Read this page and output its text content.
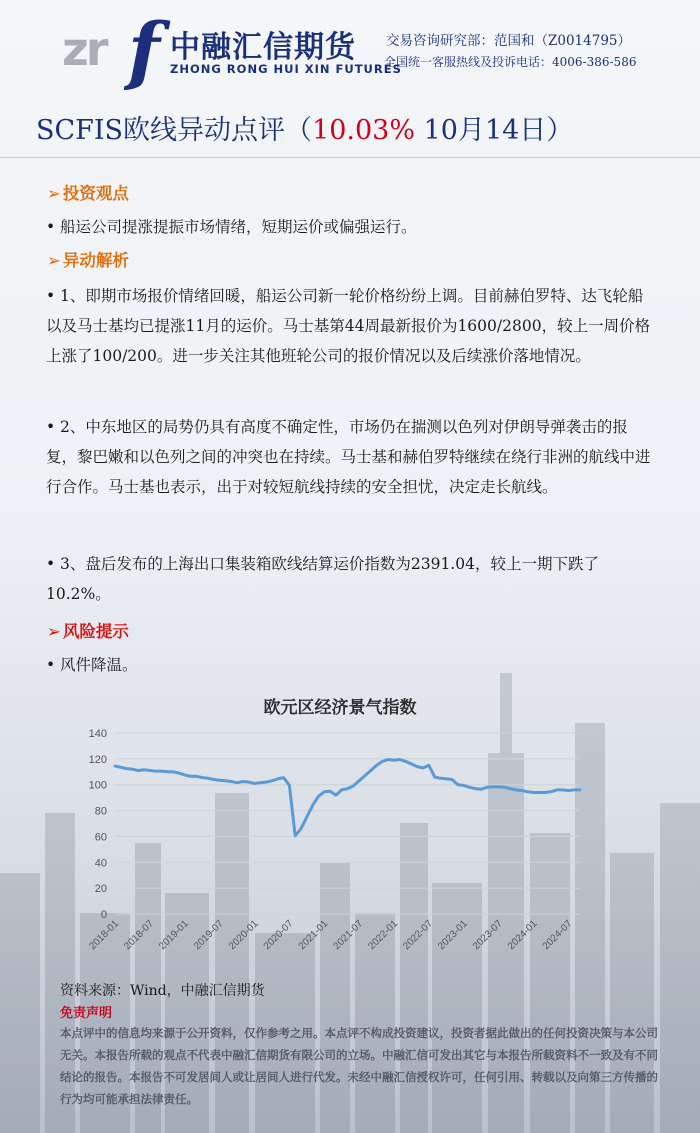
zr f 中融汇信期货
ZHONG RONG HUI XIN FUTURES
交易咨询研究部：范国和（Z0014795）
全国统一客服热线及投诉电话：4006-386-586
SCFIS欧线异动点评（10.03% 10月14日）
➢ 投资观点
• 船运公司提涨提振市场情绪，短期运价或偏强运行。
➢ 异动解析
• 1、即期市场报价情绪回暖，船运公司新一轮价格纷纷上调。目前赫伯罗特、达飞轮船以及马士基均已提涨11月的运价。马士基第44周最新报价为1600/2800，较上一周价格上涨了100/200。进一步关注其他班轮公司的报价情况以及后续涨价落地情况。
• 2、中东地区的局势仍具有高度不确定性，市场仍在揣测以色列对伊朗导弹袭击的报复，黎巴嫩和以色列之间的冲突也在持续。马士基和赫伯罗特继续在绕行非洲的航线中进行合作。马士基也表示，出于对较短航线持续的安全担忧，决定走长航线。
• 3、盘后发布的上海出口集装箱欧线结算运价指数为2391.04，较上一期下跌了10.2%。
➢ 风险提示
• 风件降温。
欧元区经济景气指数
0
20
40
60
80
100
120
140
2018-01 2018-07 2019-01 2019-07 2020-01 2020-07 2021-01 2021-07 2022-01 2022-07 2023-01 2023-07 2024-01 2024-07
资料来源：Wind，中融汇信期货
免责声明
本点评中的信息均来源于公开资料，仅作参考之用。本点评不构成投资建议，投资者据此做出的任何投资决策与本公司无关。本报告所载的观点不代表中融汇信期货有限公司的立场。中融汇信可发出其它与本报告所载资料不一致及有不同结论的报告。本报告不可发居间人或让居间人进行代发。未经中融汇信授权许可，任何引用、转载以及向第三方传播的行为均可能承担法律责任。
